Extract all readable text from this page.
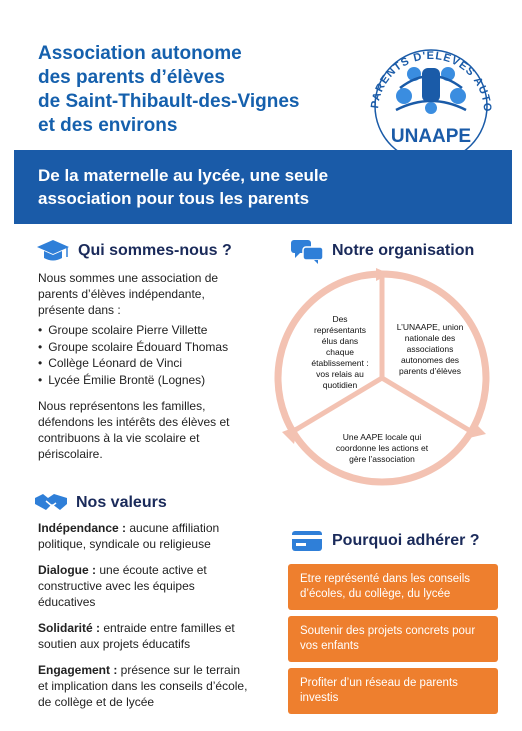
Association autonome
des parents d’élèves
de Saint-Thibault-des-Vignes
et des environs
PARENTS D'ELEVES AUTO
UNAAPE
De la maternelle au lycée, une seule
association pour tous les parents
Qui sommes-nous ?
Nous sommes une association de parents d’élèves indépendante, présente dans :
• Groupe scolaire Pierre Villette
• Groupe scolaire Édouard Thomas
• Collège Léonard de Vinci
• Lycée Émilie Brontë (Lognes)
Nous représentons les familles, défendons les intérêts des élèves et contribuons à la vie scolaire et périscolaire.
Notre organisation
Des représentants élus dans chaque établissement : vos relais au quotidien
L’UNAAPE, union nationale des associations autonomes des parents d’élèves
Une AAPE locale qui coordonne les actions et gère l’association
Nos valeurs
Indépendance : aucune affiliation politique, syndicale ou religieuse
Dialogue : une écoute active et constructive avec les équipes éducatives
Solidarité : entraide entre familles et soutien aux projets éducatifs
Engagement : présence sur le terrain et implication dans les conseils d’école, de collège et de lycée
Pourquoi adhérer ?
Etre représenté dans les conseils d’écoles, du collège, du lycée
Soutenir des projets concrets pour vos enfants
Profiter d’un réseau de parents investis
